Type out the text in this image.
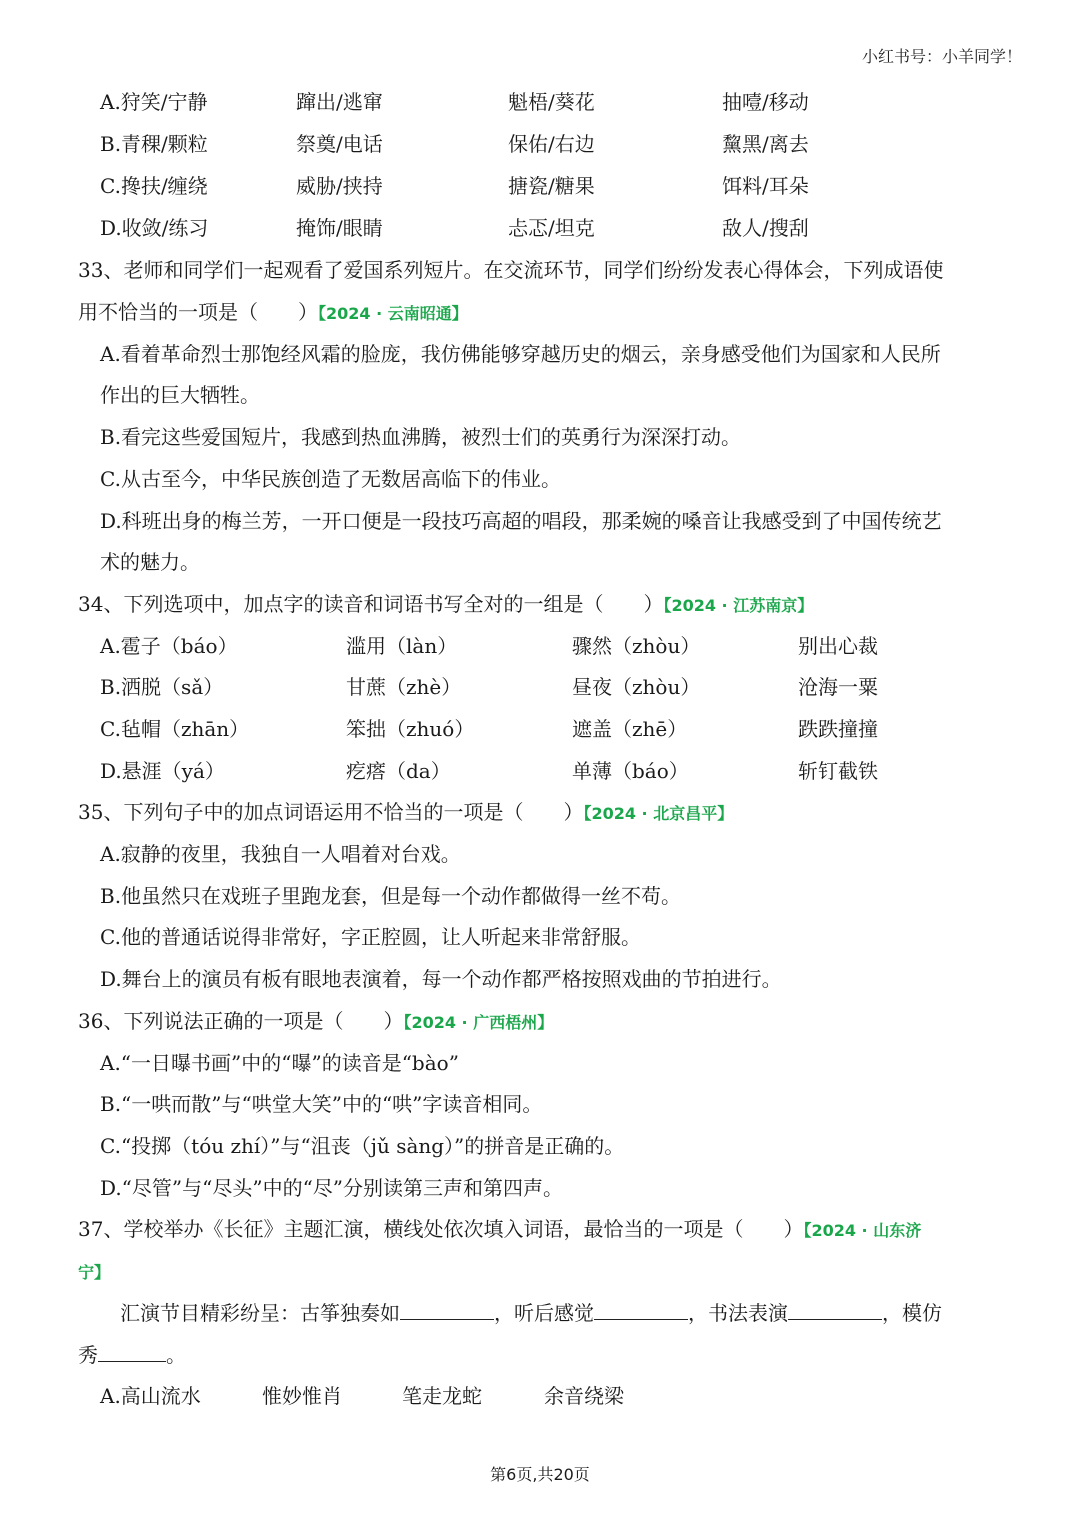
小红书号：小羊同学！
A.狩笑/宁静	蹿出/逃窜	魁梧/葵花	抽噎/移动
B.青稞/颗粒	祭奠/电话	保佑/右边	黧黑/离去
C.搀扶/缠绕	威胁/挟持	搪瓷/糖果	饵料/耳朵
D.收敛/练习	掩饰/眼睛	忐忑/坦克	敌人/搜刮
33、老师和同学们一起观看了爱国系列短片。在交流环节，同学们纷纷发表心得体会，下列成语使
用不恰当的一项是（　　）【2024 · 云南昭通】
A.看着革命烈士那饱经风霜的脸庞，我仿佛能够穿越历史的烟云，亲身感受他们为国家和人民所
作出的巨大牺牲。
B.看完这些爱国短片，我感到热血沸腾，被烈士们的英勇行为深深打动。
C.从古至今，中华民族创造了无数居高临下的伟业。
D.科班出身的梅兰芳，一开口便是一段技巧高超的唱段，那柔婉的嗓音让我感受到了中国传统艺
术的魅力。
34、下列选项中，加点字的读音和词语书写全对的一组是（　　）【2024 · 江苏南京】
A.雹子（báo）	滥用（làn）	骤然（zhòu）	别出心裁
B.洒脱（sǎ）	甘蔗（zhè）	昼夜（zhòu）	沧海一粟
C.毡帽（zhān）	笨拙（zhuó）	遮盖（zhē）	跌跌撞撞
D.悬涯（yá）	疙瘩（da）	单薄（báo）	斩钉截铁
35、下列句子中的加点词语运用不恰当的一项是（　　）【2024 · 北京昌平】
A.寂静的夜里，我独自一人唱着对台戏。
B.他虽然只在戏班子里跑龙套，但是每一个动作都做得一丝不苟。
C.他的普通话说得非常好，字正腔圆，让人听起来非常舒服。
D.舞台上的演员有板有眼地表演着，每一个动作都严格按照戏曲的节拍进行。
36、下列说法正确的一项是（　　）【2024 · 广西梧州】
A.“一日曝书画”中的“曝”的读音是“bào”
B.“一哄而散”与“哄堂大笑”中的“哄”字读音相同。
C.“投掷（tóu zhí）”与“沮丧（jǔ sàng）”的拼音是正确的。
D.“尽管”与“尽头”中的“尽”分别读第三声和第四声。
37、学校举办《长征》主题汇演，横线处依次填入词语，最恰当的一项是（　　）【2024 · 山东济
宁】
汇演节目精彩纷呈：古筝独奏如	，听后感觉	，书法表演	，模仿
秀	。
A.高山流水	惟妙惟肖	笔走龙蛇	余音绕梁
第6页,共20页
